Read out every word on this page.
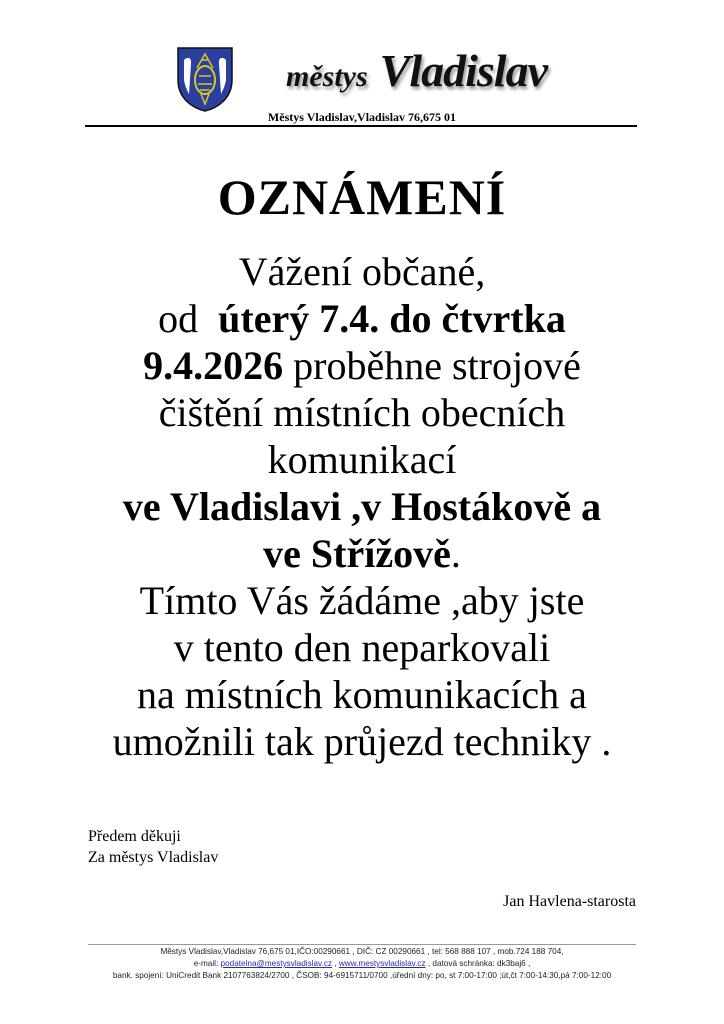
městys Vladislav
Městys Vladislav,Vladislav 76,675 01
OZNÁMENÍ
Vážení občané,
od  úterý 7.4. do čtvrtka
9.4.2026 proběhne strojové
čištění místních obecních
komunikací
ve Vladislavi ,v Hostákově a
ve Střížově.
Tímto Vás žádáme ,aby jste
v tento den neparkovali
na místních komunikacích a
umožnili tak průjezd techniky .
Předem děkuji
Za městys Vladislav
Jan Havlena-starosta
Městys Vladislav,Vladislav 76,675 01,IČO:00290661 , DIČ: CZ 00290661 , tel: 568 888 107 , mob.724 188 704,
e-mail: podatelna@mestysvladislav.cz , www.mestysvladislav.cz , datová schránka: dk3baj6 ,
bank. spojení: UniCredit Bank 2107763824/2700 , ČSOB: 94-6915711/0700 ,úřední dny: po, st 7:00-17:00 ;út,čt 7:00-14:30,pá 7:00-12:00
